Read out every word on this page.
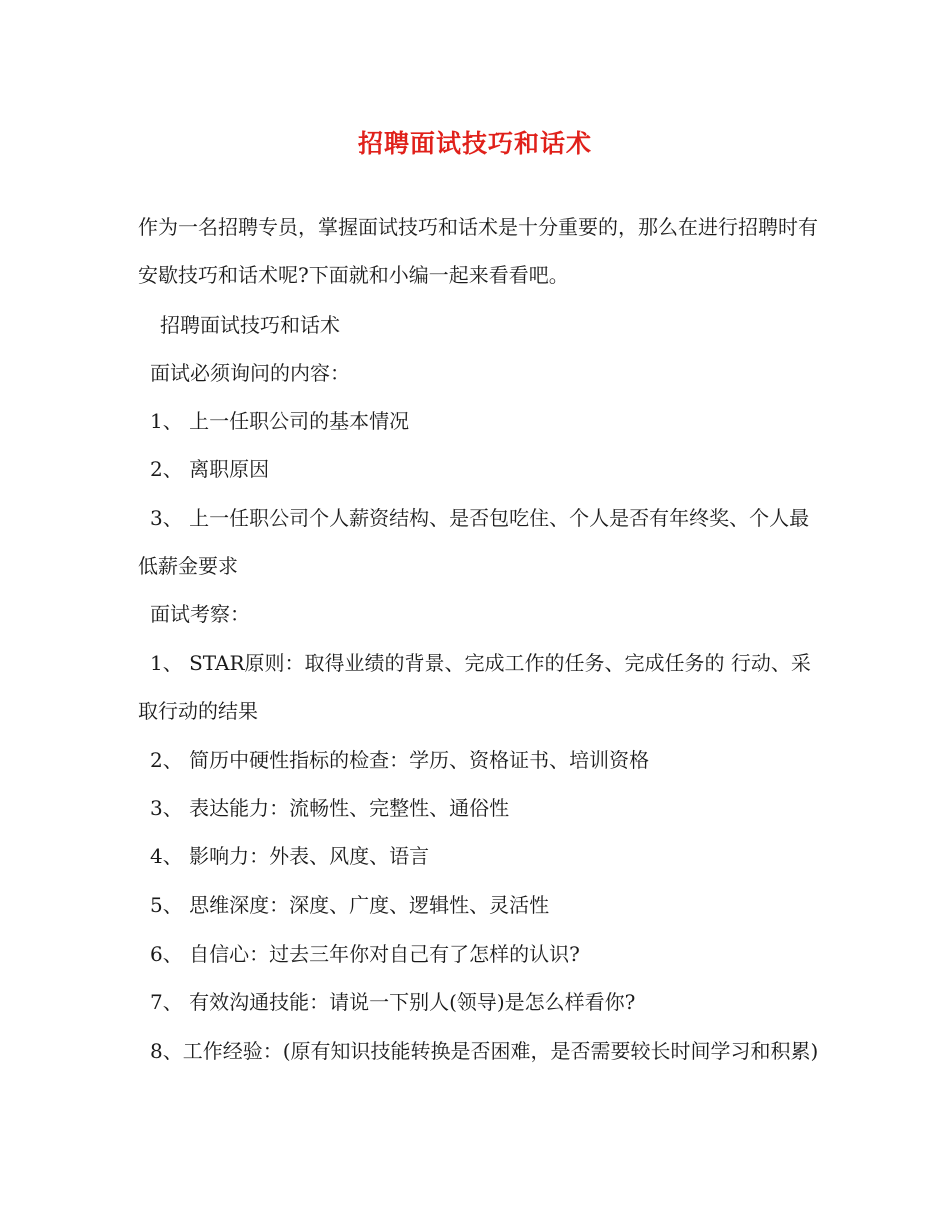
招聘面试技巧和话术
作为一名招聘专员，掌握面试技巧和话术是十分重要的，那么在进行招聘时有安歇技巧和话术呢?下面就和小编一起来看看吧。
招聘面试技巧和话术
面试必须询问的内容：
1、 上一任职公司的基本情况
2、 离职原因
3、 上一任职公司个人薪资结构、是否包吃住、个人是否有年终奖、个人最低薪金要求
面试考察：
1、 STAR原则：取得业绩的背景、完成工作的任务、完成任务的 行动、采取行动的结果
2、 简历中硬性指标的检查：学历、资格证书、培训资格
3、 表达能力：流畅性、完整性、通俗性
4、 影响力：外表、风度、语言
5、 思维深度：深度、广度、逻辑性、灵活性
6、 自信心：过去三年你对自己有了怎样的认识?
7、 有效沟通技能：请说一下别人(领导)是怎么样看你?
8、工作经验：(原有知识技能转换是否困难，是否需要较长时间学习和积累)
